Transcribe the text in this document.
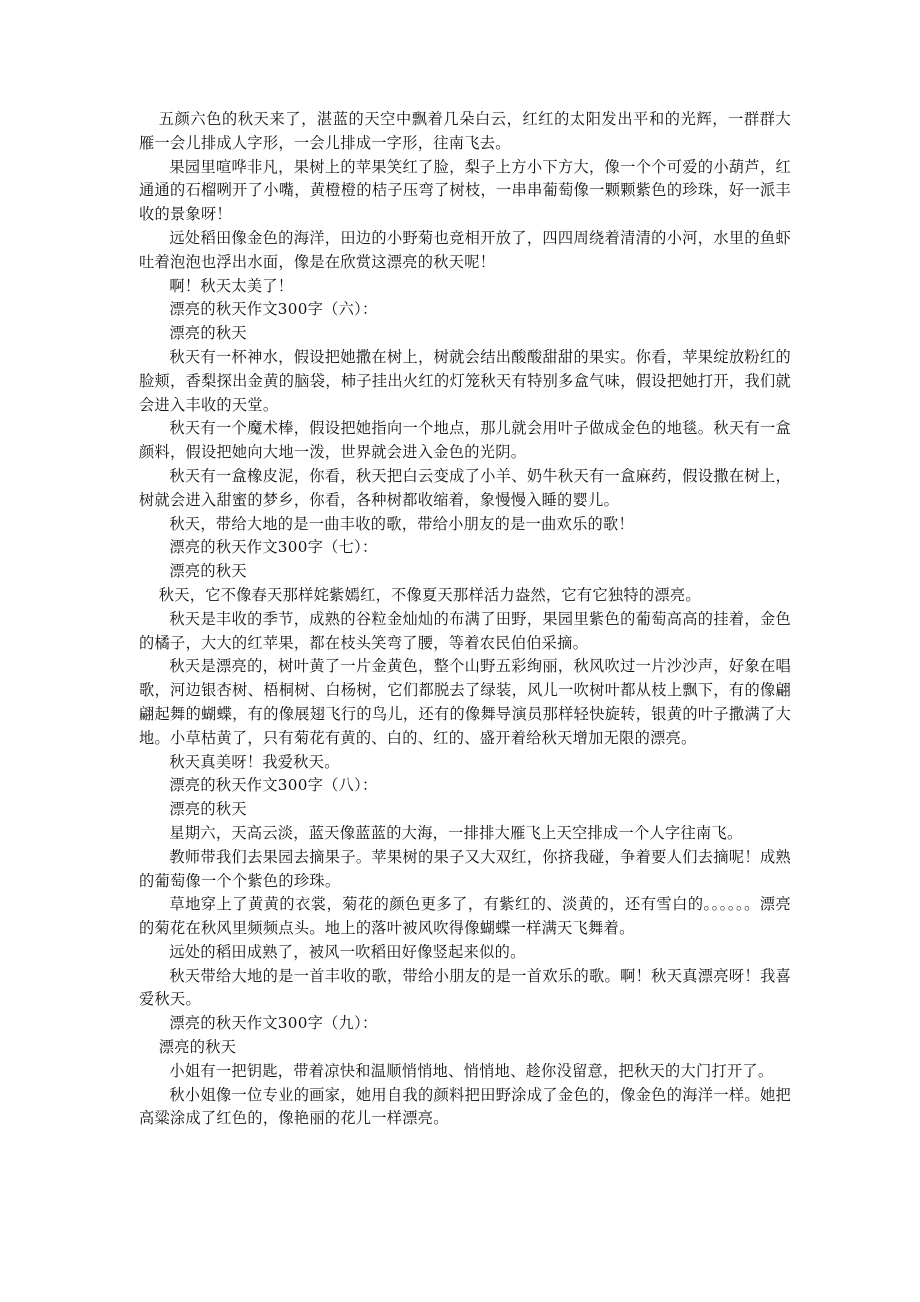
五颜六色的秋天来了，湛蓝的天空中飘着几朵白云，红红的太阳发出平和的光辉，一群群大雁一会儿排成人字形，一会儿排成一字形，往南飞去。

果园里喧哗非凡，果树上的苹果笑红了脸，梨子上方小下方大，像一个个可爱的小葫芦，红通通的石榴咧开了小嘴，黄橙橙的桔子压弯了树枝，一串串葡萄像一颗颗紫色的珍珠，好一派丰收的景象呀！

远处稻田像金色的海洋，田边的小野菊也竞相开放了，四四周绕着清清的小河，水里的鱼虾吐着泡泡也浮出水面，像是在欣赏这漂亮的秋天呢！

啊！秋天太美了！

漂亮的秋天作文300字（六）：

漂亮的秋天

秋天有一杯神水，假设把她撒在树上，树就会结出酸酸甜甜的果实。你看，苹果绽放粉红的脸颊，香梨探出金黄的脑袋，柿子挂出火红的灯笼秋天有特别多盒气味，假设把她打开，我们就会进入丰收的天堂。

秋天有一个魔术棒，假设把她指向一个地点，那儿就会用叶子做成金色的地毯。秋天有一盒颜料，假设把她向大地一泼，世界就会进入金色的光阴。

秋天有一盒橡皮泥，你看，秋天把白云变成了小羊、奶牛秋天有一盒麻药，假设撒在树上，树就会进入甜蜜的梦乡，你看，各种树都收缩着，象慢慢入睡的婴儿。

秋天，带给大地的是一曲丰收的歌，带给小朋友的是一曲欢乐的歌！

漂亮的秋天作文300字（七）：

漂亮的秋天

秋天，它不像春天那样姹紫嫣红，不像夏天那样活力盎然，它有它独特的漂亮。

秋天是丰收的季节，成熟的谷粒金灿灿的布满了田野，果园里紫色的葡萄高高的挂着，金色的橘子，大大的红苹果，都在枝头笑弯了腰，等着农民伯伯采摘。

秋天是漂亮的，树叶黄了一片金黄色，整个山野五彩绚丽，秋风吹过一片沙沙声，好象在唱歌，河边银杏树、梧桐树、白杨树，它们都脱去了绿装，风儿一吹树叶都从枝上飘下，有的像翩翩起舞的蝴蝶，有的像展翅飞行的鸟儿，还有的像舞导演员那样轻快旋转，银黄的叶子撒满了大地。小草枯黄了，只有菊花有黄的、白的、红的、盛开着给秋天增加无限的漂亮。

秋天真美呀！我爱秋天。

漂亮的秋天作文300字（八）：

漂亮的秋天

星期六，天高云淡，蓝天像蓝蓝的大海，一排排大雁飞上天空排成一个人字往南飞。

教师带我们去果园去摘果子。苹果树的果子又大双红，你挤我碰，争着要人们去摘呢！成熟的葡萄像一个个紫色的珍珠。

草地穿上了黄黄的衣裳，菊花的颜色更多了，有紫红的、淡黄的，还有雪白的。。。。。。漂亮的菊花在秋风里频频点头。地上的落叶被风吹得像蝴蝶一样满天飞舞着。

远处的稻田成熟了，被风一吹稻田好像竖起来似的。

秋天带给大地的是一首丰收的歌，带给小朋友的是一首欢乐的歌。啊！秋天真漂亮呀！我喜爱秋天。

漂亮的秋天作文300字（九）：

漂亮的秋天

小姐有一把钥匙，带着凉快和温顺悄悄地、悄悄地、趁你没留意，把秋天的大门打开了。

秋小姐像一位专业的画家，她用自我的颜料把田野涂成了金色的，像金色的海洋一样。她把高粱涂成了红色的，像艳丽的花儿一样漂亮。
